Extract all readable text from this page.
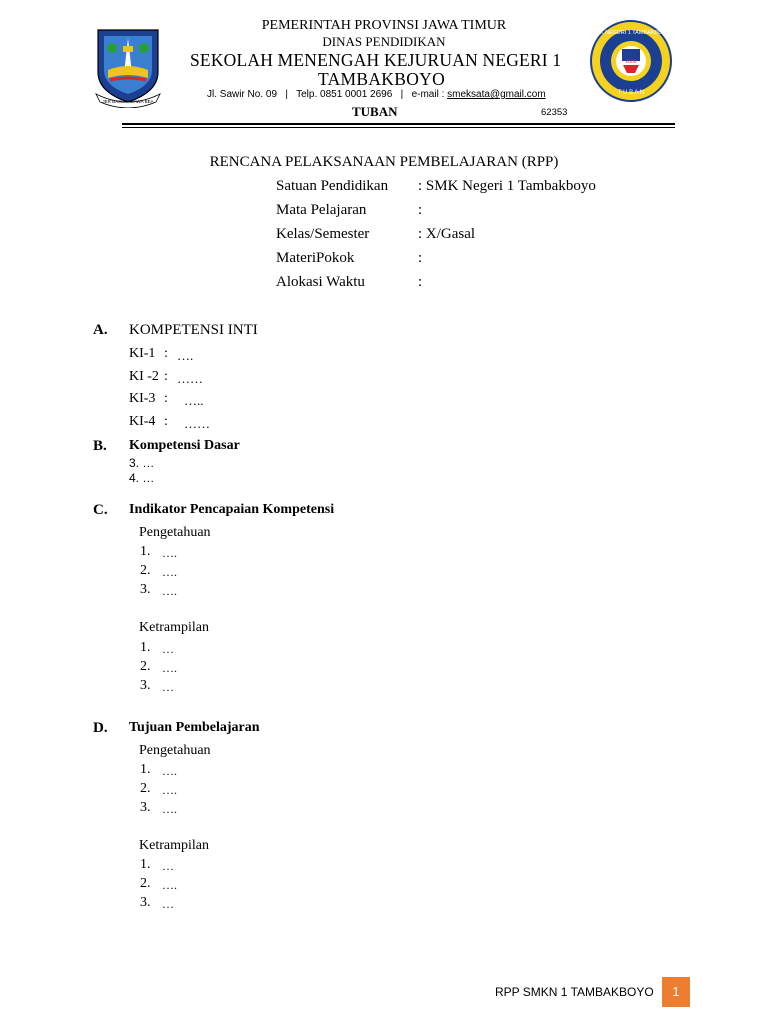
JER BASUKI MAWA BEA
2000
SMK NEGERI 1 TAMBAKBOYO
T U B A N
PEMERINTAH PROVINSI JAWA TIMUR
DINAS PENDIDIKAN
SEKOLAH MENENGAH KEJURUAN NEGERI 1
TAMBAKBOYO
Jl. Sawir No. 09   |   Telp. 0851 0001 2696   |   e-mail : smeksata@gmail.com
TUBAN	62353
RENCANA PELAKSANAAN PEMBELAJARAN (RPP)
Satuan Pendidikan : SMK Negeri 1 Tambakboyo
Mata Pelajaran	:
Kelas/Semester	: X/Gasal
MateriPokok	:
Alokasi Waktu	:
A. KOMPETENSI INTI
KI-1 : ….
KI -2 : ……
KI-3 : …..
KI-4 : ……
B. Kompetensi Dasar
3. …
4. …
C. Indikator Pencapaian Kompetensi
Pengetahuan
1. ….
2. ….
3. ….
Ketrampilan
1. …
2. ….
3. …
D. Tujuan Pembelajaran
Pengetahuan
1. ….
2. ….
3. ….
Ketrampilan
1. …
2. ….
3. …
RPP SMKN 1 TAMBAKBOYO	1
